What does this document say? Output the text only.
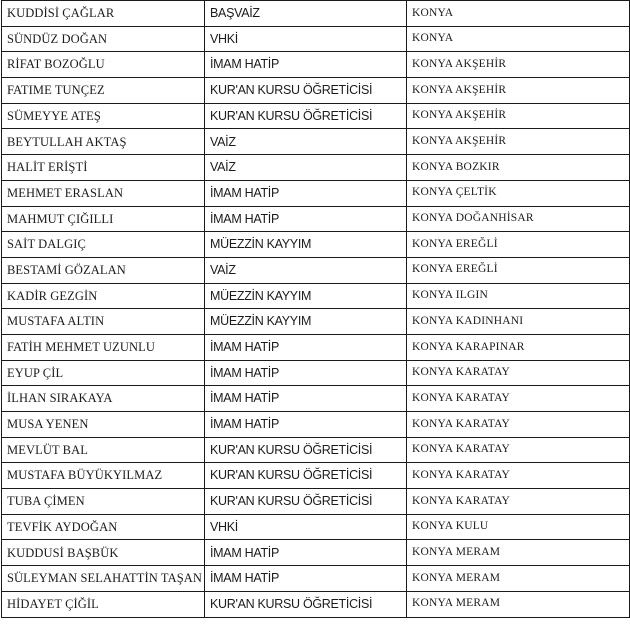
KUDDİSİ ÇAĞLAR	BAŞVAİZ	KONYA
SÜNDÜZ DOĞAN	VHKİ	KONYA
RİFAT BOZOĞLU	İMAM HATİP	KONYA AKŞEHİR
FATIME TUNÇEZ	KUR'AN KURSU ÖĞRETİCİSİ	KONYA AKŞEHİR
SÜMEYYE ATEŞ	KUR'AN KURSU ÖĞRETİCİSİ	KONYA AKŞEHİR
BEYTULLAH AKTAŞ	VAİZ	KONYA AKŞEHİR
HALİT ERİŞTİ	VAİZ	KONYA BOZKIR
MEHMET ERASLAN	İMAM HATİP	KONYA ÇELTİK
MAHMUT ÇIĞILLI	İMAM HATİP	KONYA DOĞANHİSAR
SAİT DALGIÇ	MÜEZZİN KAYYIM	KONYA EREĞLİ
BESTAMİ GÖZALAN	VAİZ	KONYA EREĞLİ
KADİR GEZGİN	MÜEZZİN KAYYIM	KONYA ILGIN
MUSTAFA ALTIN	MÜEZZİN KAYYIM	KONYA KADINHANI
FATİH MEHMET UZUNLU	İMAM HATİP	KONYA KARAPINAR
EYUP ÇİL	İMAM HATİP	KONYA KARATAY
İLHAN SIRAKAYA	İMAM HATİP	KONYA KARATAY
MUSA YENEN	İMAM HATİP	KONYA KARATAY
MEVLÜT BAL	KUR'AN KURSU ÖĞRETİCİSİ	KONYA KARATAY
MUSTAFA BÜYÜKYILMAZ	KUR'AN KURSU ÖĞRETİCİSİ	KONYA KARATAY
TUBA ÇİMEN	KUR'AN KURSU ÖĞRETİCİSİ	KONYA KARATAY
TEVFİK AYDOĞAN	VHKİ	KONYA KULU
KUDDUSİ BAŞBÜK	İMAM HATİP	KONYA MERAM
SÜLEYMAN SELAHATTİN TAŞAN	İMAM HATİP	KONYA MERAM
HİDAYET ÇİĞİL	KUR'AN KURSU ÖĞRETİCİSİ	KONYA MERAM
